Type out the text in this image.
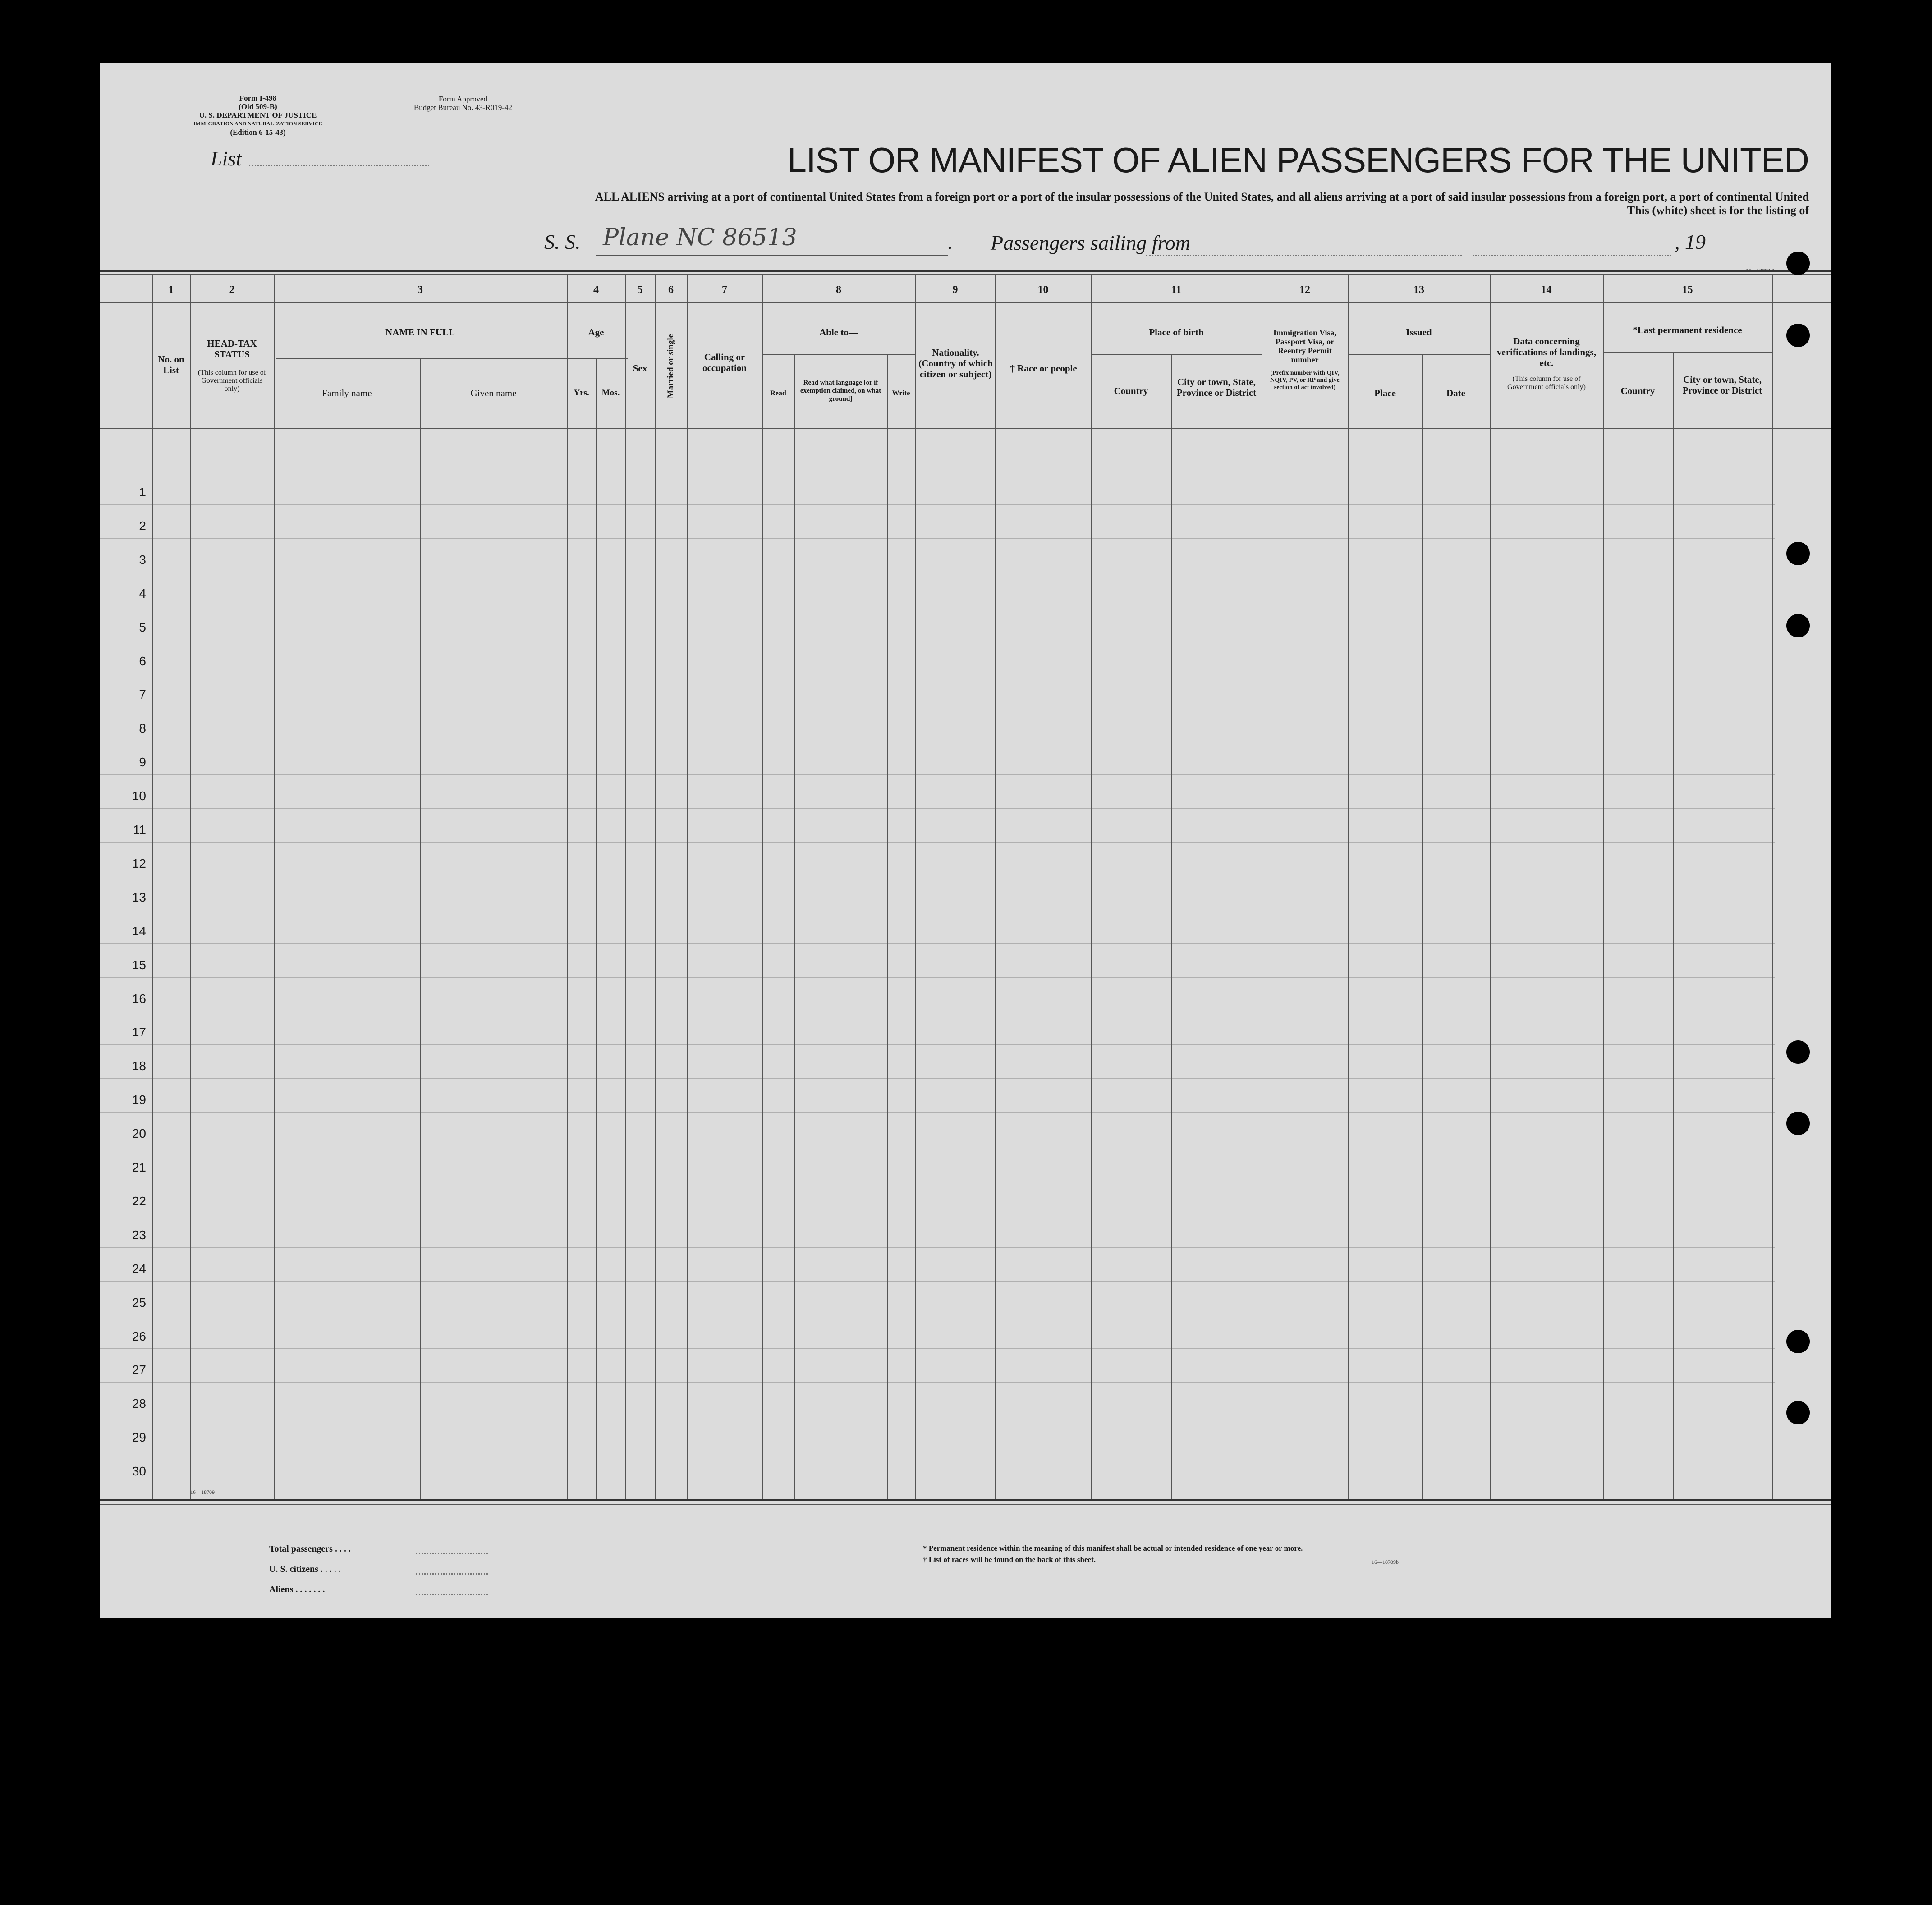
Form I-498
(Old 509-B)
U. S. DEPARTMENT OF JUSTICE
IMMIGRATION AND NATURALIZATION SERVICE
(Edition 6-15-43)
Form Approved
Budget Bureau No. 43-R019-42
List	LIST OR MANIFEST OF ALIEN PASSENGERS FOR THE UNITED
ALL ALIENS arriving at a port of continental United States from a foreign port or a port of the insular possessions of the United States, and all aliens arriving at a port of said insular possessions from a foreign port, a port of continental United
This (white) sheet is for the listing of
S. S. Plane NC 86513	. Passengers sailing from	, 19
16—18709-1
1	2	3	4	5	6	7	8	9	10	11	12	13	14	15
No. on List
HEAD-TAX STATUS
(This column for use of Government officials only)
NAME IN FULL
Family name	Given name
Age
Yrs.	Mos.
Sex	Married or single	Calling or occupation
Able to—
Read
Read what language [or if exemption claimed, on what ground]
Write
Nationality. (Country of which citizen or subject)
† Race or people
Place of birth
Country
City or town, State, Province or District
Immigration Visa, Passport Visa, or Reentry Permit number
(Prefix number with QIV, NQIV, PV, or RP and give section of act involved)
Issued
Place	Date
Data concerning verifications of landings, etc.
(This column for use of Government officials only)
*Last permanent residence
Country
City or town, State, Province or District
1
2
3
4
5
6
7
8
9
10
11
12
13
14
15
16
17
18
19
20
21
22
23
24
25
26
27
28
29
30
16—18709
Total passengers . . . .
U. S. citizens . . . . .
Aliens . . . . . . .
* Permanent residence within the meaning of this manifest shall be actual or intended residence of one year or more.
† List of races will be found on the back of this sheet.	16—18709b
